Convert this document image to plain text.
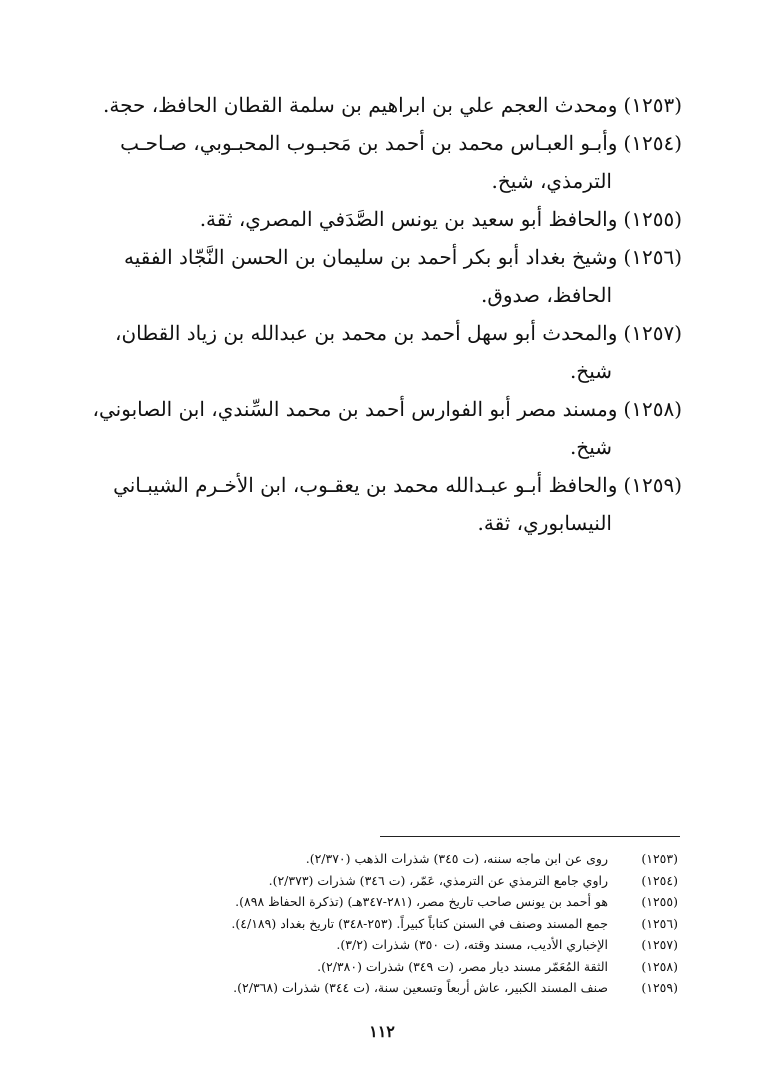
(١٢٥٣)ومحدث العجم علي بن ابراهيم بن سلمة القطان الحافظ، حجة.

(١٢٥٤)وأبـو العبـاس محمد بن أحمد بن مَحبـوب المحبـوبي، صـاحـب
الترمذي، شيخ.

(١٢٥٥)والحافظ أبو سعيد بن يونس الصَّدَفي المصري، ثقة.

(١٢٥٦)وشيخ بغداد أبو بكر أحمد بن سليمان بن الحسن النَّجّاد الفقيه
الحافظ، صدوق.

(١٢٥٧)والمحدث أبو سهل أحمد بن محمد بن عبدالله بن زياد القطان،
شيخ.

(١٢٥٨)ومسند مصر أبو الفوارس أحمد بن محمد السِّندي، ابن الصابوني،
شيخ.

(١٢٥٩)والحافظ أبـو عبـدالله محمد بن يعقـوب، ابن الأخـرم الشيبـاني
النيسابوري، ثقة.

(١٢٥٣)روى عن ابن ماجه سننه، (ت ٣٤٥) شذرات الذهب (٢/٣٧٠).

(١٢٥٤)راوي جامع الترمذي عن الترمذي، عَمّر، (ت ٣٤٦) شذرات (٢/٣٧٣).

(١٢٥٥)هو أحمد بن يونس صاحب تاريخ مصر، (٢٨١-٣٤٧هـ) (تذكرة الحفاظ ٨٩٨).

(١٢٥٦)جمع المسند وصنف في السنن كتاباً كبيراً. (٢٥٣-٣٤٨) تاريخ بغداد (٤/١٨٩).

(١٢٥٧)الإخباري الأديب، مسند وقته، (ت ٣٥٠) شذرات (٣/٢).

(١٢٥٨)الثقة المُعَمّر مسند ديار مصر، (ت ٣٤٩) شذرات (٢/٣٨٠).

(١٢٥٩)صنف المسند الكبير، عاش أربعاً وتسعين سنة، (ت ٣٤٤) شذرات (٢/٣٦٨).

١١٢
